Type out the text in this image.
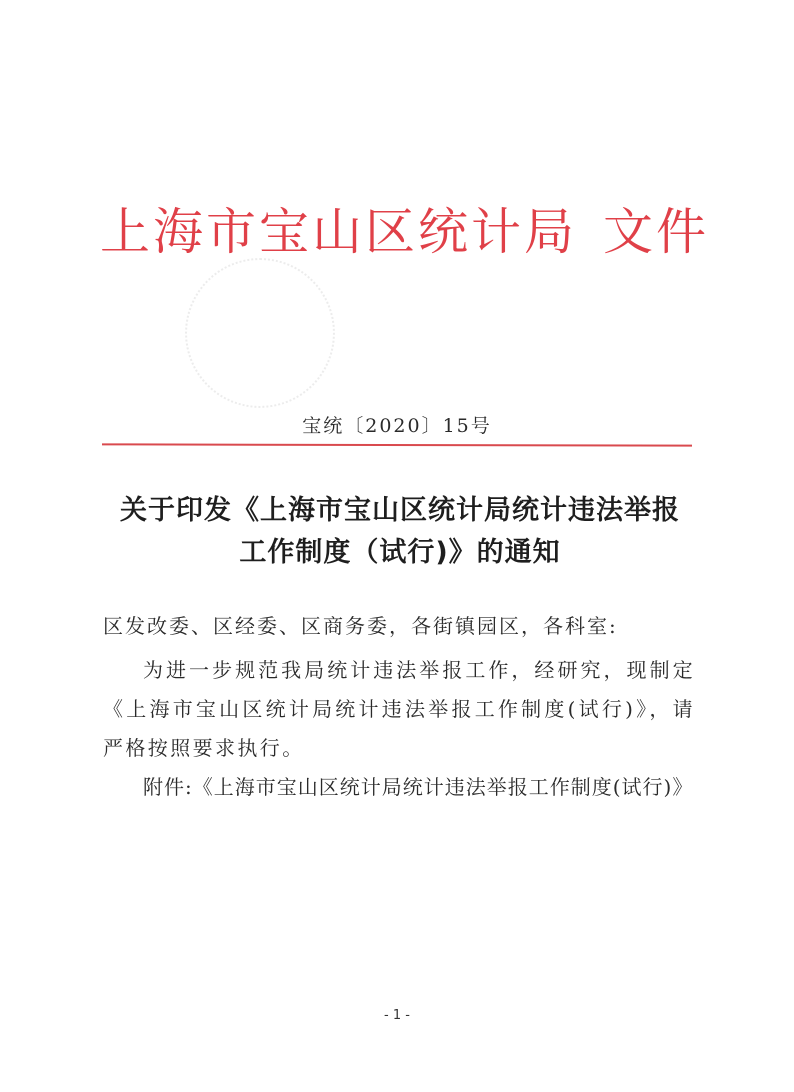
上海市宝山区统计局 文件
宝统〔2020〕15号
关于印发《上海市宝山区统计局统计违法举报
工作制度（试行)》的通知
区发改委、区经委、区商务委，各街镇园区，各科室:
为进一步规范我局统计违法举报工作，经研究，现制定《上海市宝山区统计局统计违法举报工作制度(试行)》，请严格按照要求执行。
附件:《上海市宝山区统计局统计违法举报工作制度(试行)》
- 1 -
